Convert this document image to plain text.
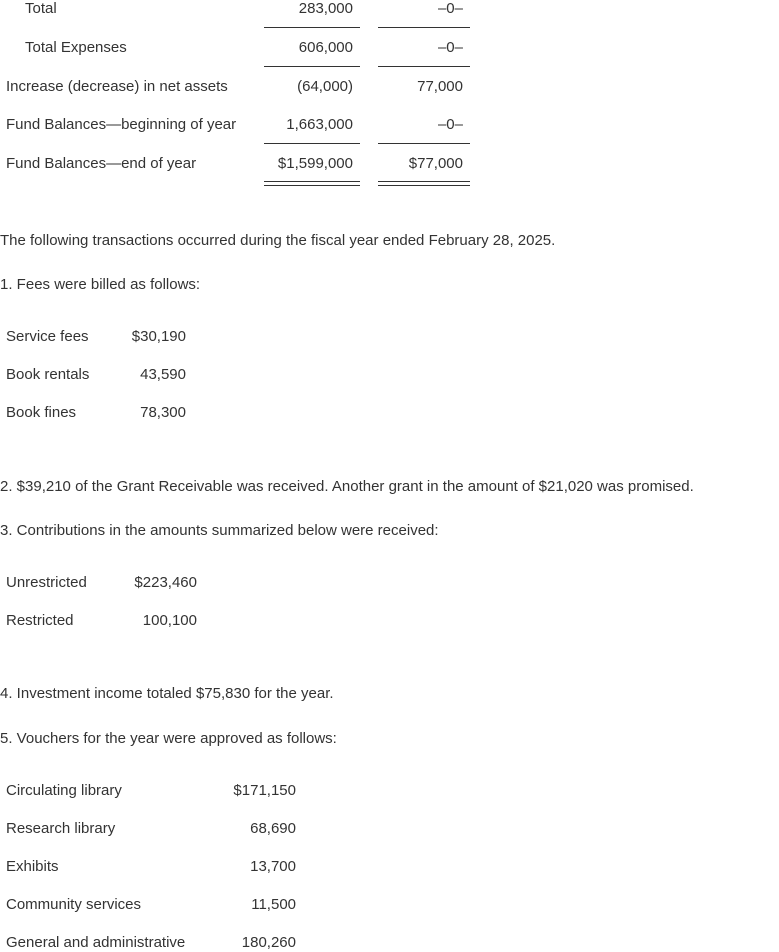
Total	283,000	–0–
Total Expenses	606,000	–0–
Increase (decrease) in net assets	(64,000)	77,000
Fund Balances—beginning of year	1,663,000	–0–
Fund Balances—end of year	$1,599,000	$77,000
The following transactions occurred during the fiscal year ended February 28, 2025.
1. Fees were billed as follows:
Service fees	$30,190
Book rentals	43,590
Book fines	78,300
2. $39,210 of the Grant Receivable was received. Another grant in the amount of $21,020 was promised.
3. Contributions in the amounts summarized below were received:
Unrestricted	$223,460
Restricted	100,100
4. Investment income totaled $75,830 for the year.
5. Vouchers for the year were approved as follows:
Circulating library	$171,150
Research library	68,690
Exhibits	13,700
Community services	11,500
General and administrative	180,260
